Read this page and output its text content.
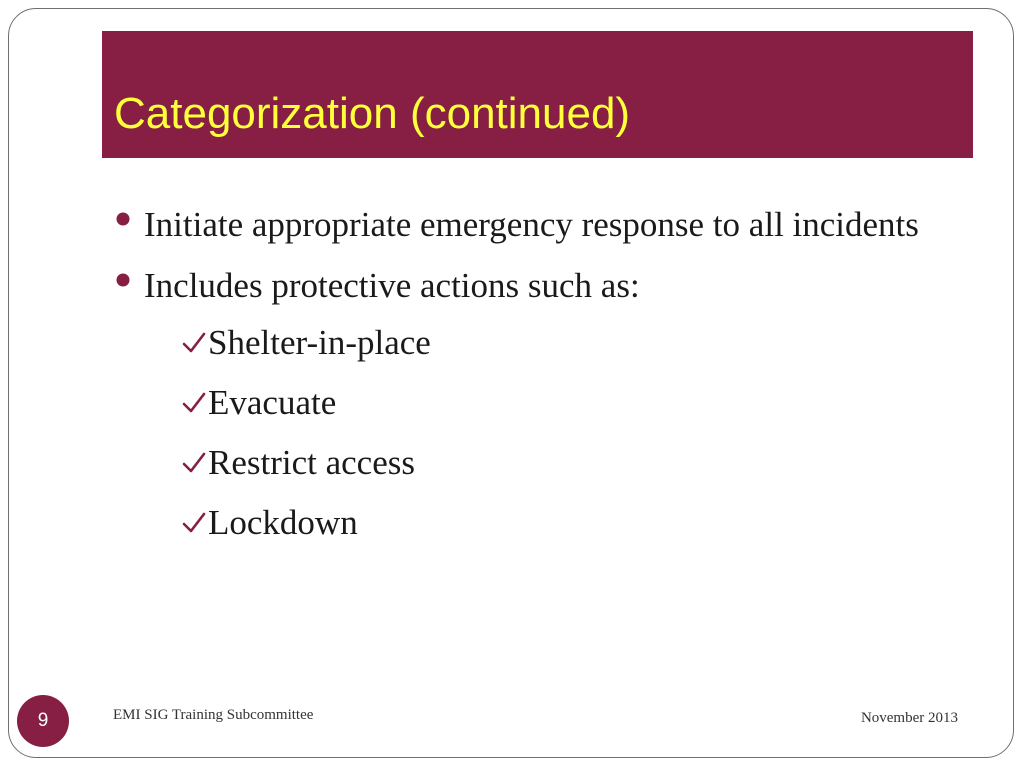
Categorization (continued)

Initiate appropriate emergency response to all incidents

Includes protective actions such as:

Shelter-in-place
Evacuate
Restrict access
Lockdown
9	EMI SIG Training Subcommittee	November 2013
